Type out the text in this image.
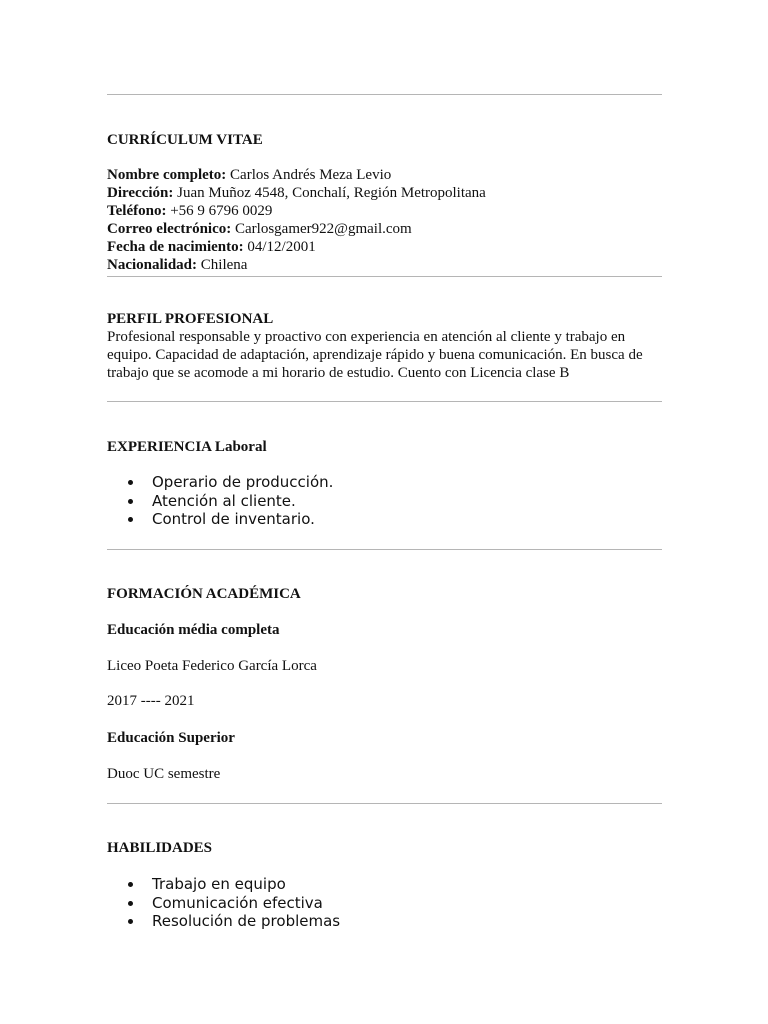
CURRÍCULUM VITAE
Nombre completo: Carlos Andrés Meza Levio
Dirección: Juan Muñoz 4548, Conchalí, Región Metropolitana
Teléfono: +56 9 6796 0029
Correo electrónico: Carlosgamer922@gmail.com
Fecha de nacimiento: 04/12/2001
Nacionalidad: Chilena
PERFIL PROFESIONAL
Profesional responsable y proactivo con experiencia en atención al cliente y trabajo en equipo. Capacidad de adaptación, aprendizaje rápido y buena comunicación. En busca de trabajo que se acomode a mi horario de estudio. Cuento con Licencia clase B
EXPERIENCIA Laboral
Operario de producción.
Atención al cliente.
Control de inventario.
FORMACIÓN ACADÉMICA
Educación média completa
Liceo Poeta Federico García Lorca
2017 ---- 2021
Educación Superior
Duoc UC semestre
HABILIDADES
Trabajo en equipo
Comunicación efectiva
Resolución de problemas
